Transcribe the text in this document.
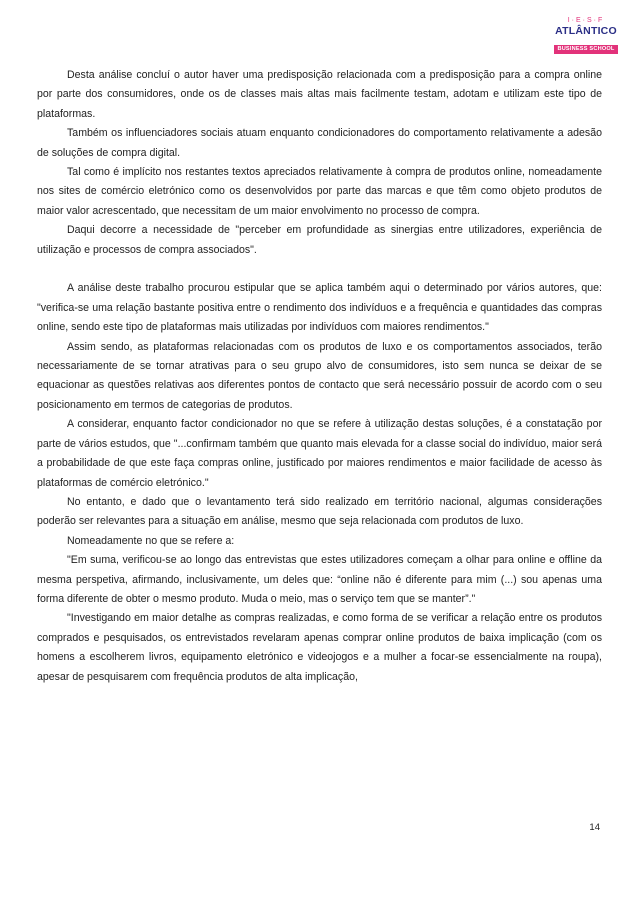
I·E·S·F
ATLÂNTICO
BUSINESS SCHOOL

Desta análise concluí o autor haver uma predisposição relacionada com a predisposição para a compra online por parte dos consumidores, onde os de classes mais altas mais facilmente testam, adotam e utilizam este tipo de plataformas.

Também os influenciadores sociais atuam enquanto condicionadores do comportamento relativamente a adesão de soluções de compra digital.

Tal como é implícito nos restantes textos apreciados relativamente à compra de produtos online, nomeadamente nos sites de comércio eletrónico como os desenvolvidos por parte das marcas e que têm como objeto produtos de maior valor acrescentado, que necessitam de um maior envolvimento no processo de compra.

Daqui decorre a necessidade de "perceber em profundidade as sinergias entre utilizadores, experiência de utilização e processos de compra associados".

A análise deste trabalho procurou estipular que se aplica também aqui o determinado por vários autores, que: "verifica-se uma relação bastante positiva entre o rendimento dos indivíduos e a frequência e quantidades das compras online, sendo este tipo de plataformas mais utilizadas por indivíduos com maiores rendimentos."

Assim sendo, as plataformas relacionadas com os produtos de luxo e os comportamentos associados, terão necessariamente de se tornar atrativas para o seu grupo alvo de consumidores, isto sem nunca se deixar de se equacionar as questões relativas aos diferentes pontos de contacto que será necessário possuir de acordo com o seu posicionamento em termos de categorias de produtos.

A considerar, enquanto factor condicionador no que se refere à utilização destas soluções, é a constatação por parte de vários estudos, que "...confirmam também que quanto mais elevada for a classe social do indivíduo, maior será a probabilidade de que este faça compras online, justificado por maiores rendimentos e maior facilidade de acesso às plataformas de comércio eletrónico."

No entanto, e dado que o levantamento terá sido realizado em território nacional, algumas considerações poderão ser relevantes para a situação em análise, mesmo que seja relacionada com produtos de luxo.

Nomeadamente no que se refere a:

"Em suma, verificou-se ao longo das entrevistas que estes utilizadores começam a olhar para online e offline da mesma perspetiva, afirmando, inclusivamente, um deles que: “online não é diferente para mim (...) sou apenas uma forma diferente de obter o mesmo produto. Muda o meio, mas o serviço tem que se manter”."

"Investigando em maior detalhe as compras realizadas, e como forma de se verificar a relação entre os produtos comprados e pesquisados, os entrevistados revelaram apenas comprar online produtos de baixa implicação (com os homens a escolherem livros, equipamento eletrónico e videojogos e a mulher a focar-se essencialmente na roupa), apesar de pesquisarem com frequência produtos de alta implicação,

14
